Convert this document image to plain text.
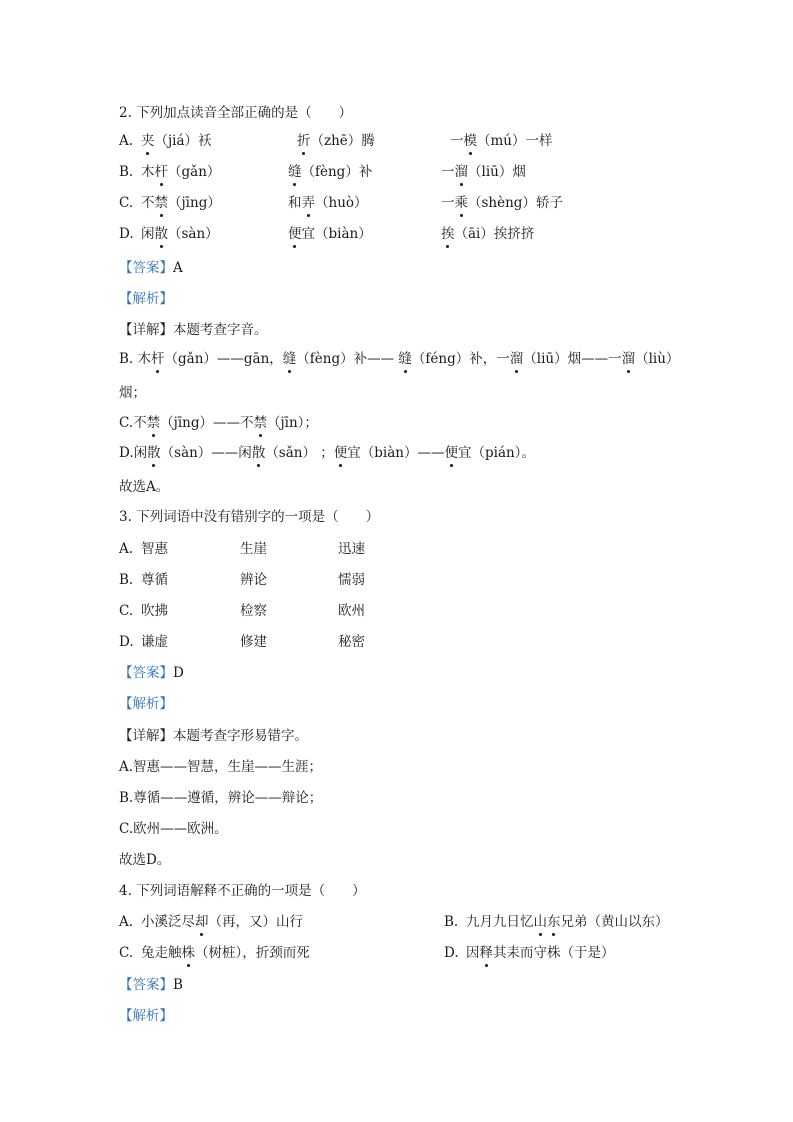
2. 下列加点读音全部正确的是（　　）
A. 夹（jiá）袄	折（zhē）腾	一模（mú）一样
B. 木杆（gǎn）	缝（fèng）补	一溜（liū）烟
C. 不禁（jīng）	和弄（huò）	一乘（shèng）轿子
D. 闲散（sàn）	便宜（biàn）	挨（āi）挨挤挤
【答案】A
【解析】
【详解】本题考查字音。
B. 木杆（gǎn）——gān，缝（fèng）补—— 缝（féng）补，一溜（liū）烟——一溜（liù）
烟；
C.不禁（jīng）——不禁（jīn）；
D.闲散（sàn）——闲散（sǎn） ；便宜（biàn）——便宜（pián）。
故选A。
3. 下列词语中没有错别字的一项是（　　）
A. 智惠	生崖	迅速
B. 尊循	辨论	懦弱
C. 吹拂	检察	欧州
D. 谦虚	修建	秘密
【答案】D
【解析】
【详解】本题考查字形易错字。
A.智惠——智慧，生崖——生涯；
B.尊循——遵循，辨论——辩论；
C.欧州——欧洲。
故选D。
4. 下列词语解释不正确的一项是（　　）
A. 小溪泛尽却（再，又）山行	B. 九月九日忆山东兄弟（黄山以东）
C. 兔走触株（树桩），折颈而死	D. 因释其耒而守株（于是）
【答案】B
【解析】
